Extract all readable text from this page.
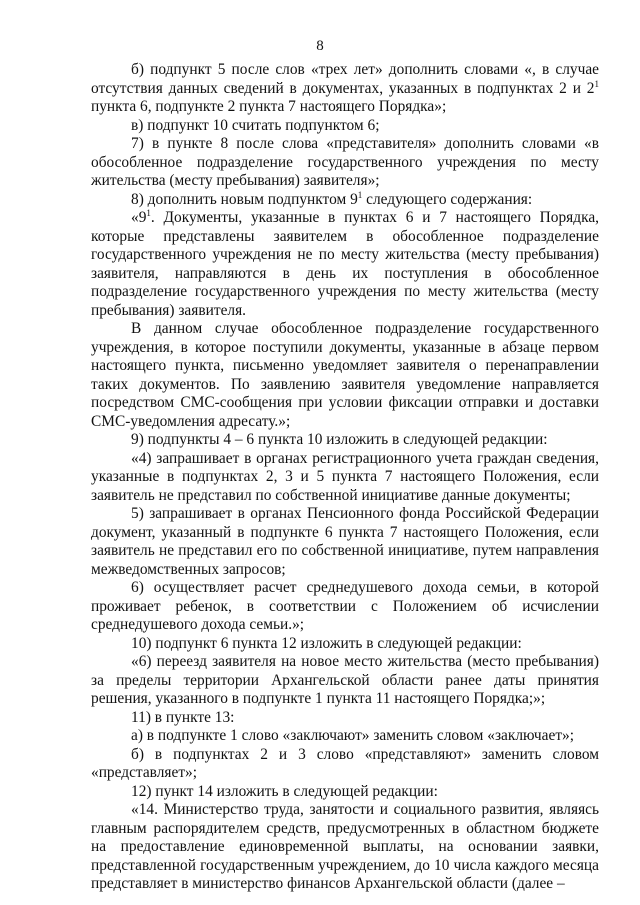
8

б) подпункт 5 после слов «трех лет» дополнить словами «, в случае отсутствия данных сведений в документах, указанных в подпунктах 2 и $2^1$ пункта 6, подпункте 2 пункта 7 настоящего Порядка»;

в) подпункт 10 считать подпунктом 6;

7) в пункте 8 после слова «представителя» дополнить словами «в обособленное подразделение государственного учреждения по месту жительства (месту пребывания) заявителя»;

8) дополнить новым подпунктом $9^1$ следующего содержания:

«$9^1$. Документы, указанные в пунктах 6 и 7 настоящего Порядка, которые представлены заявителем в обособленное подразделение государственного учреждения не по месту жительства (месту пребывания) заявителя, направляются в день их поступления в обособленное подразделение государственного учреждения по месту жительства (месту пребывания) заявителя.

В данном случае обособленное подразделение государственного учреждения, в которое поступили документы, указанные в абзаце первом настоящего пункта, письменно уведомляет заявителя о перенаправлении таких документов. По заявлению заявителя уведомление направляется посредством СМС-сообщения при условии фиксации отправки и доставки СМС-уведомления адресату.»;

9) подпункты 4 – 6 пункта 10 изложить в следующей редакции:

«4) запрашивает в органах регистрационного учета граждан сведения, указанные в подпунктах 2, 3 и 5 пункта 7 настоящего Положения, если заявитель не представил по собственной инициативе данные документы;

5) запрашивает в органах Пенсионного фонда Российской Федерации документ, указанный в подпункте 6 пункта 7 настоящего Положения, если заявитель не представил его по собственной инициативе, путем направления межведомственных запросов;

6) осуществляет расчет среднедушевого дохода семьи, в которой проживает ребенок, в соответствии с Положением об исчислении среднедушевого дохода семьи.»;

10) подпункт 6 пункта 12 изложить в следующей редакции:

«6) переезд заявителя на новое место жительства (место пребывания) за пределы территории Архангельской области ранее даты принятия решения, указанного в подпункте 1 пункта 11 настоящего Порядка;»;

11) в пункте 13:

а) в подпункте 1 слово «заключают» заменить словом «заключает»;

б) в подпунктах 2 и 3 слово «представляют» заменить словом «представляет»;

12) пункт 14 изложить в следующей редакции:

«14. Министерство труда, занятости и социального развития, являясь главным распорядителем средств, предусмотренных в областном бюджете на предоставление единовременной выплаты, на основании заявки, представленной государственным учреждением, до 10 числа каждого месяца представляет в министерство финансов Архангельской области (далее –
